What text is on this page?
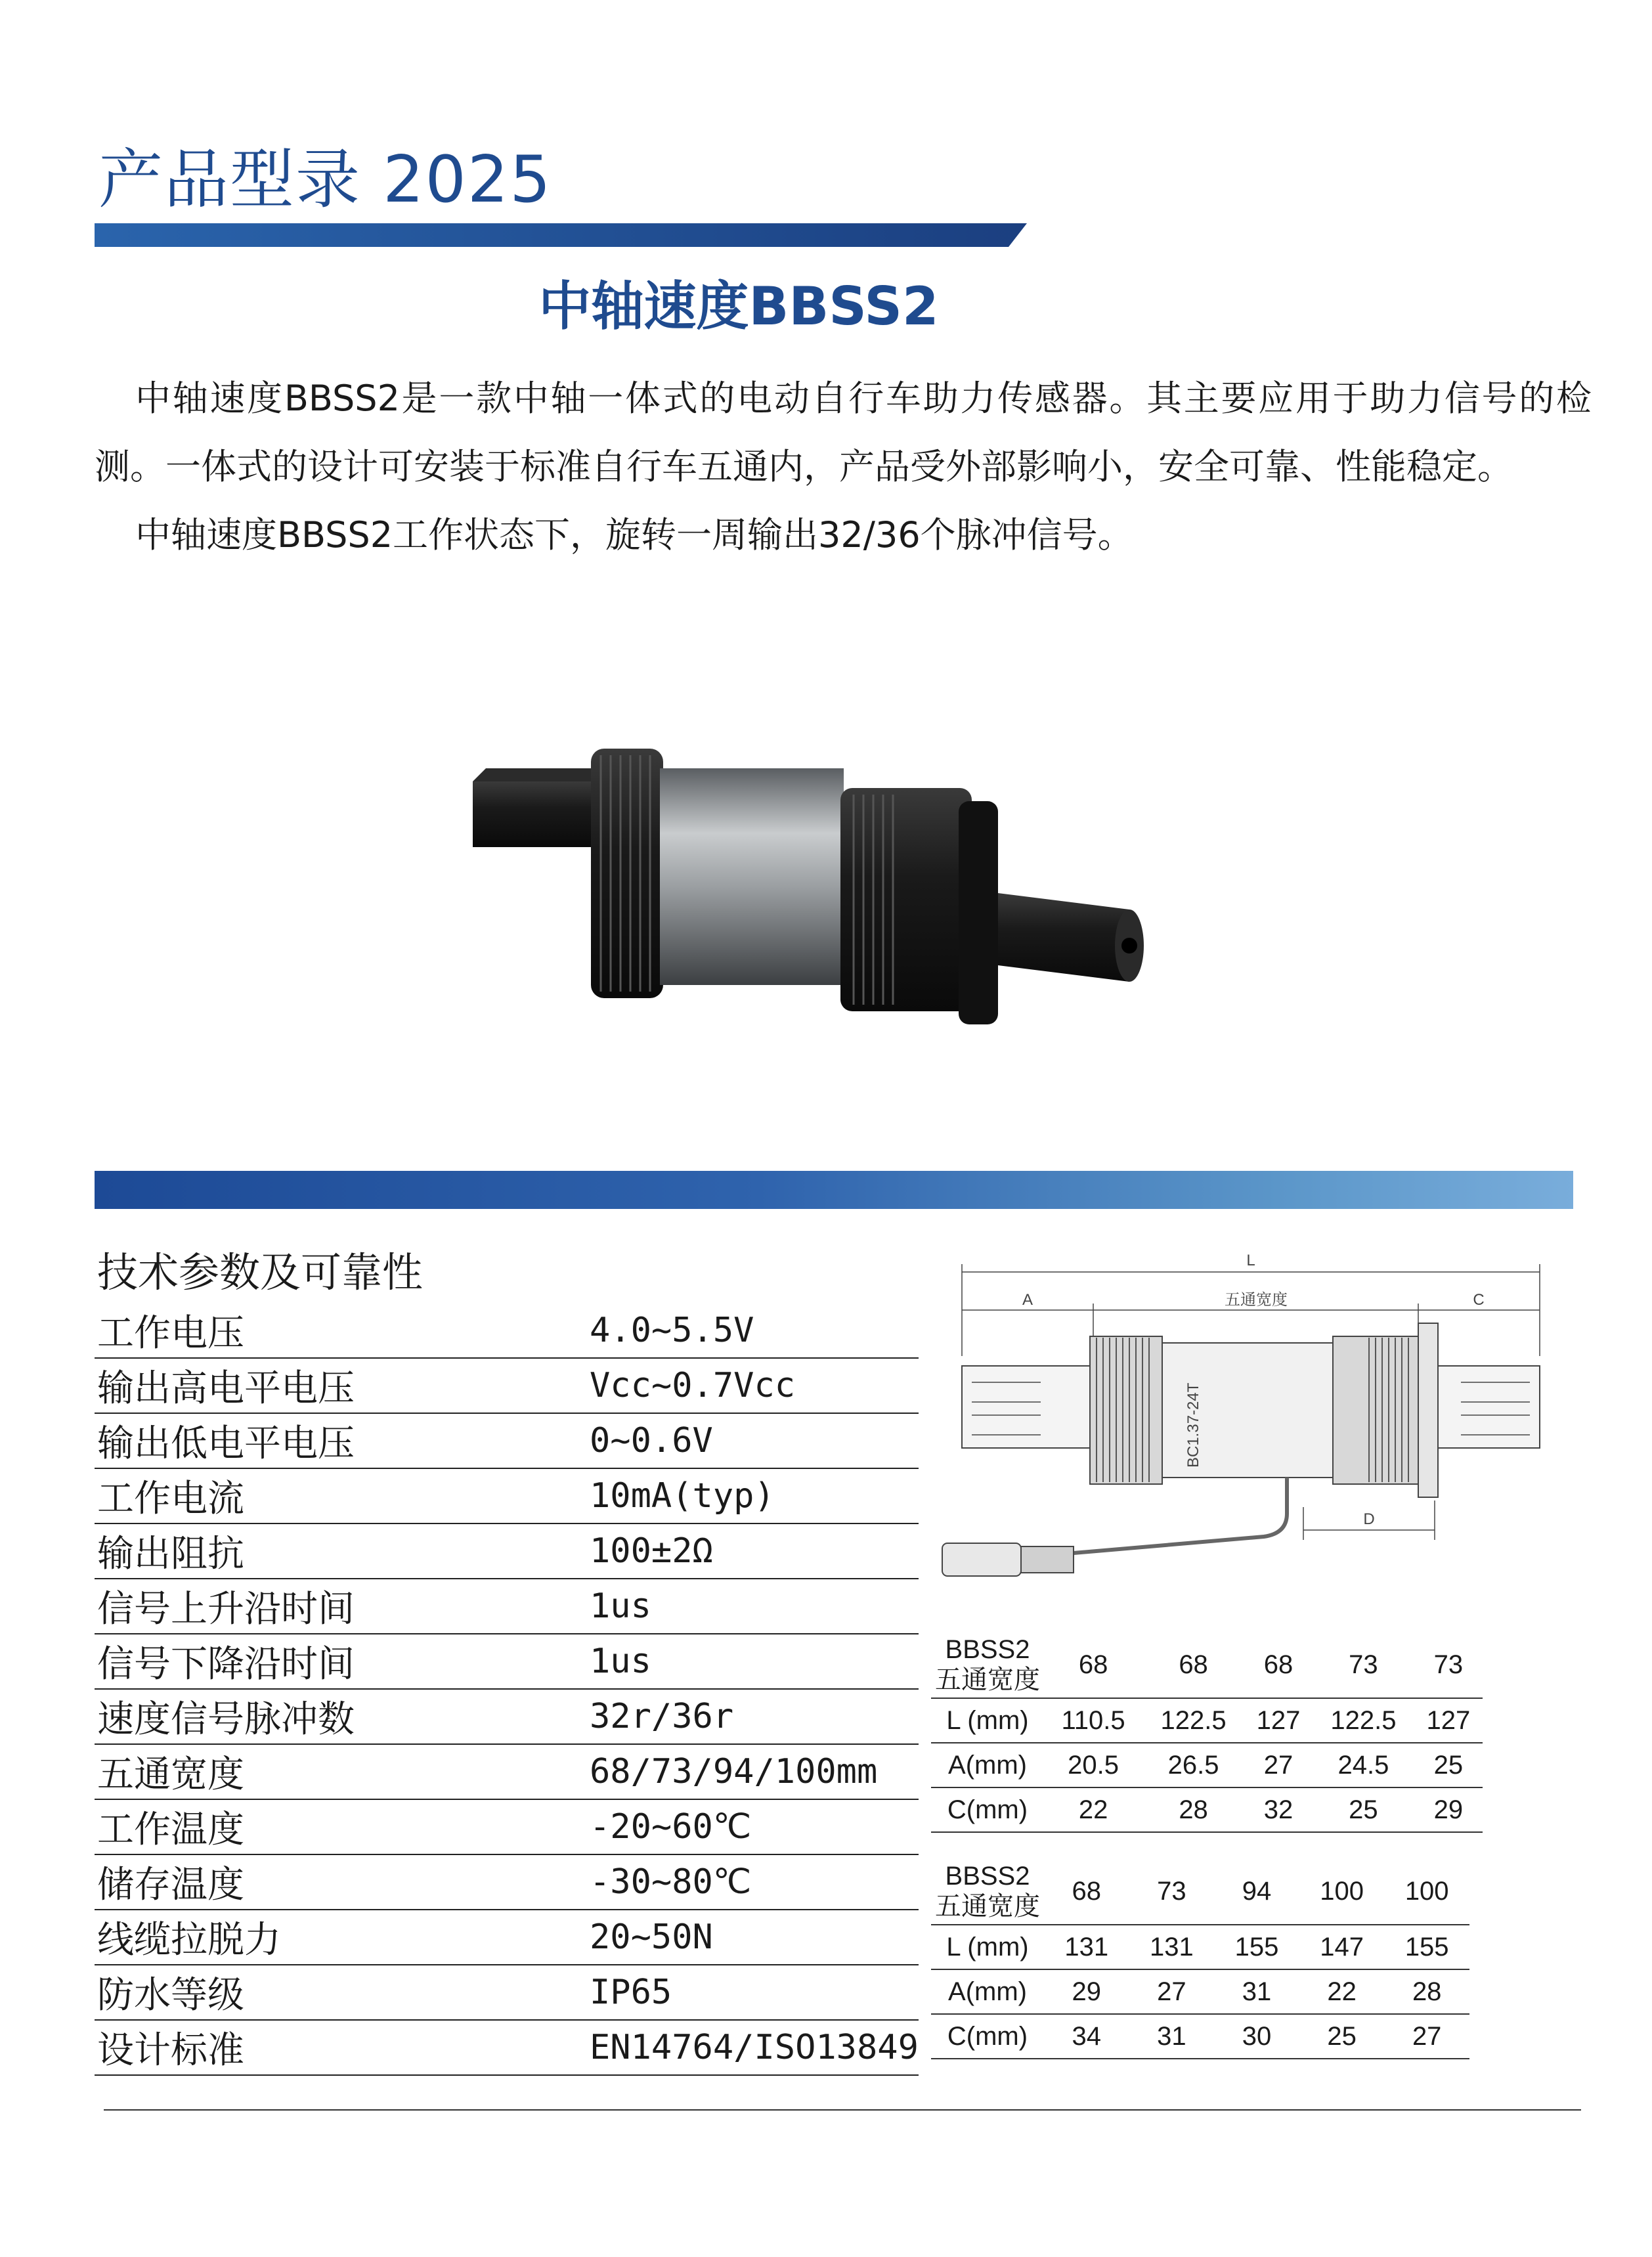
产品型录 2025
中轴速度BBSS2

中轴速度BBSS2是一款中轴一体式的电动自行车助力传感器。其主要应用于助力信号的检测。一体式的设计可安装于标准自行车五通内，产品受外部影响小，安全可靠、性能稳定。

中轴速度BBSS2工作状态下，旋转一周输出32/36个脉冲信号。

技术参数及可靠性
工作电压	4.0~5.5V
输出高电平电压	Vcc~0.7Vcc
输出低电平电压	0~0.6V
工作电流	10mA(typ)
输出阻抗	100±2Ω
信号上升沿时间	1us
信号下降沿时间	1us
速度信号脉冲数	32r/36r
五通宽度	68/73/94/100mm
工作温度	-20~60℃
储存温度	-30~80℃
线缆拉脱力	20~50N
防水等级	IP65
设计标准	EN14764/ISO13849
L
A	五通宽度	C
BC1.37-24T
D
BBSS2
五通宽度	68	68	68	73	73
L (mm)	110.5	122.5	127	122.5	127
A(mm)	20.5	26.5	27	24.5	25
C(mm)	22	28	32	25	29
BBSS2
五通宽度	68	73	94	100	100
L (mm)	131	131	155	147	155
A(mm)	29	27	31	22	28
C(mm)	34	31	30	25	27
